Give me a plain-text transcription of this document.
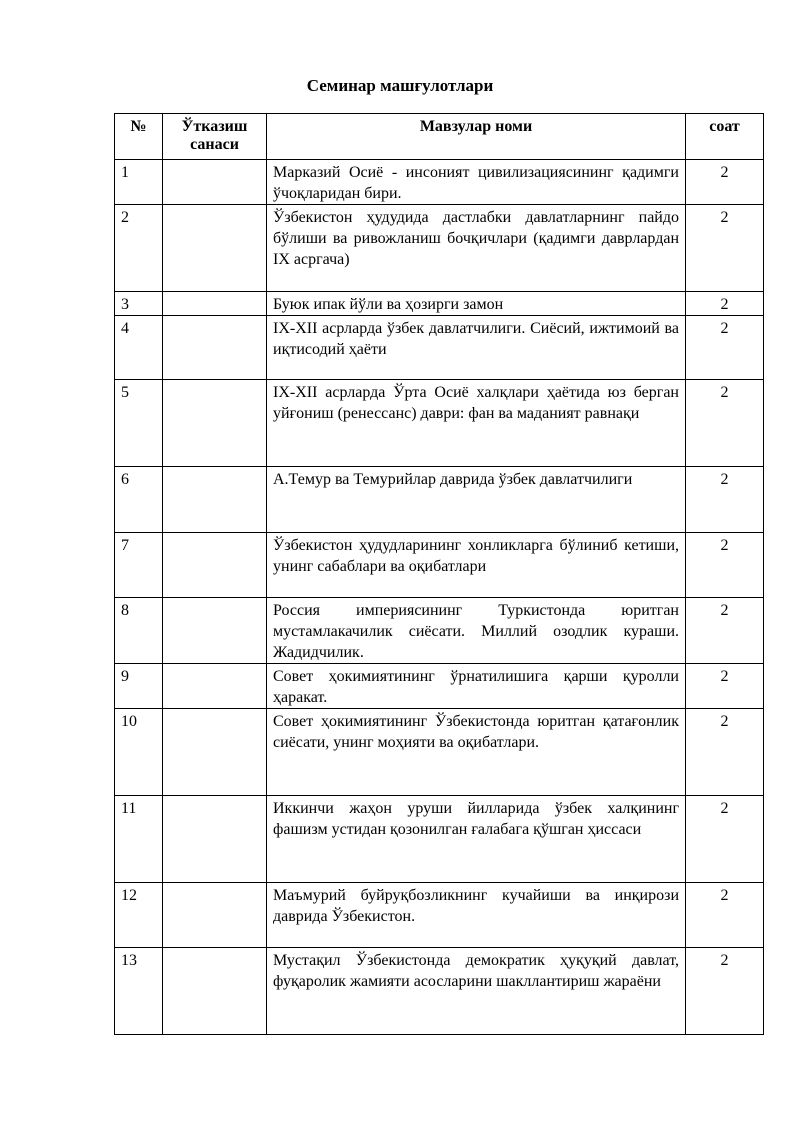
Семинар машғулотлари
№	Ўтказиш санаси	Мавзулар номи	соат
1		Марказий Осиё - инсоният цивилизациясининг қадимги ўчоқларидан бири.	2
2		Ўзбекистон ҳудудида дастлабки давлатларнинг пайдо бўлиши ва ривожланиш бочқичлари (қадимги даврлардан IX асргача)	2
3		Буюк ипак йўли ва ҳозирги замон	2
4		IX-XII асрларда ўзбек давлатчилиги. Сиёсий, ижтимоий ва иқтисодий ҳаёти	2
5		IX-XII асрларда Ўрта Осиё халқлари ҳаётида юз берган уйғониш (ренессанс) даври: фан ва маданият равнақи	2
6		А.Темур ва Темурийлар даврида ўзбек давлатчилиги	2
7		Ўзбекистон ҳудудларининг хонликларга бўлиниб кетиши, унинг сабаблари ва оқибатлари	2
8		Россия империясининг Туркистонда юритган мустамлакачилик сиёсати. Миллий озодлик кураши. Жадидчилик.	2
9		Совет ҳокимиятининг ўрнатилишига қарши қуролли ҳаракат.	2
10		Совет ҳокимиятининг Ўзбекистонда юритган қатағонлик сиёсати, унинг моҳияти ва оқибатлари.	2
11		Иккинчи жаҳон уруши йилларида ўзбек халқининг фашизм устидан қозонилган ғалабага қўшган ҳиссаси	2
12		Маъмурий буйруқбозликнинг кучайиши ва инқирози даврида Ўзбекистон.	2
13		Мустақил Ўзбекистонда демократик ҳуқуқий давлат, фуқаролик жамияти асосларини шакллантириш жараёни	2
